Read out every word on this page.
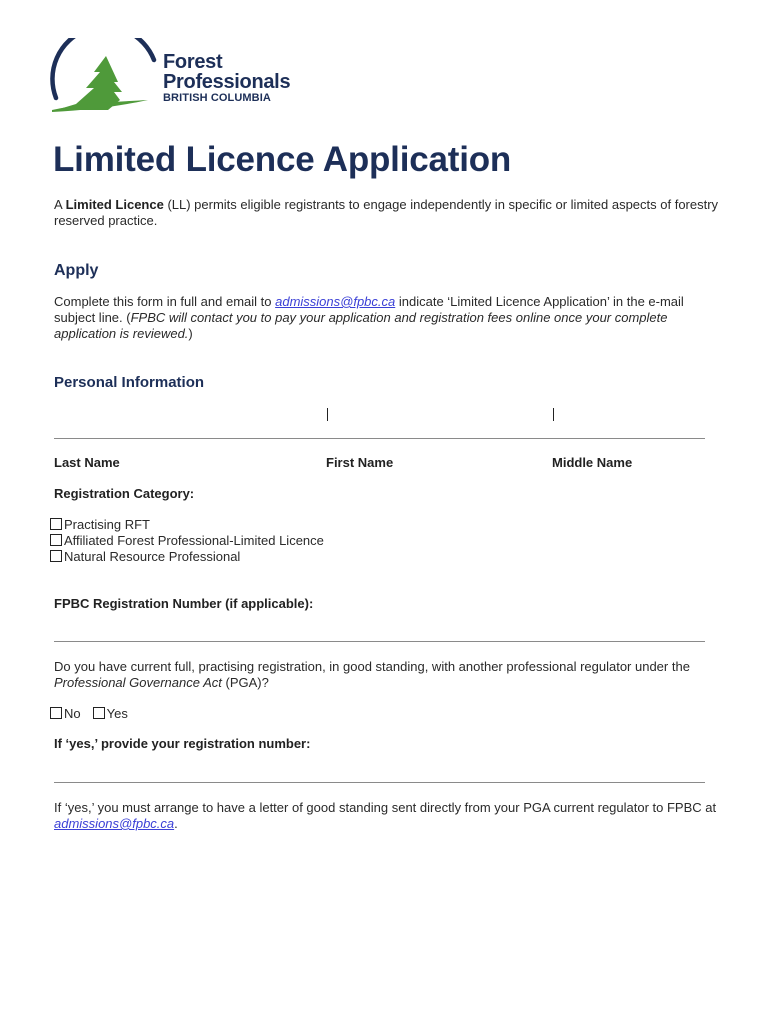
Forest
Professionals
BRITISH COLUMBIA
Limited Licence Application
A Limited Licence (LL) permits eligible registrants to engage independently in specific or limited aspects of forestry reserved practice.
Apply
Complete this form in full and email to admissions@fpbc.ca indicate ‘Limited Licence Application’ in the e-mail subject line. (FPBC will contact you to pay your application and registration fees online once your complete application is reviewed.)
Personal Information
Last Name	First Name	Middle Name
Registration Category:
Practising RFT
Affiliated Forest Professional-Limited Licence
Natural Resource Professional
FPBC Registration Number (if applicable):
Do you have current full, practising registration, in good standing, with another professional regulator under the Professional Governance Act (PGA)?
No Yes
If ‘yes,’ provide your registration number:
If ‘yes,’ you must arrange to have a letter of good standing sent directly from your PGA current regulator to FPBC at admissions@fpbc.ca.
